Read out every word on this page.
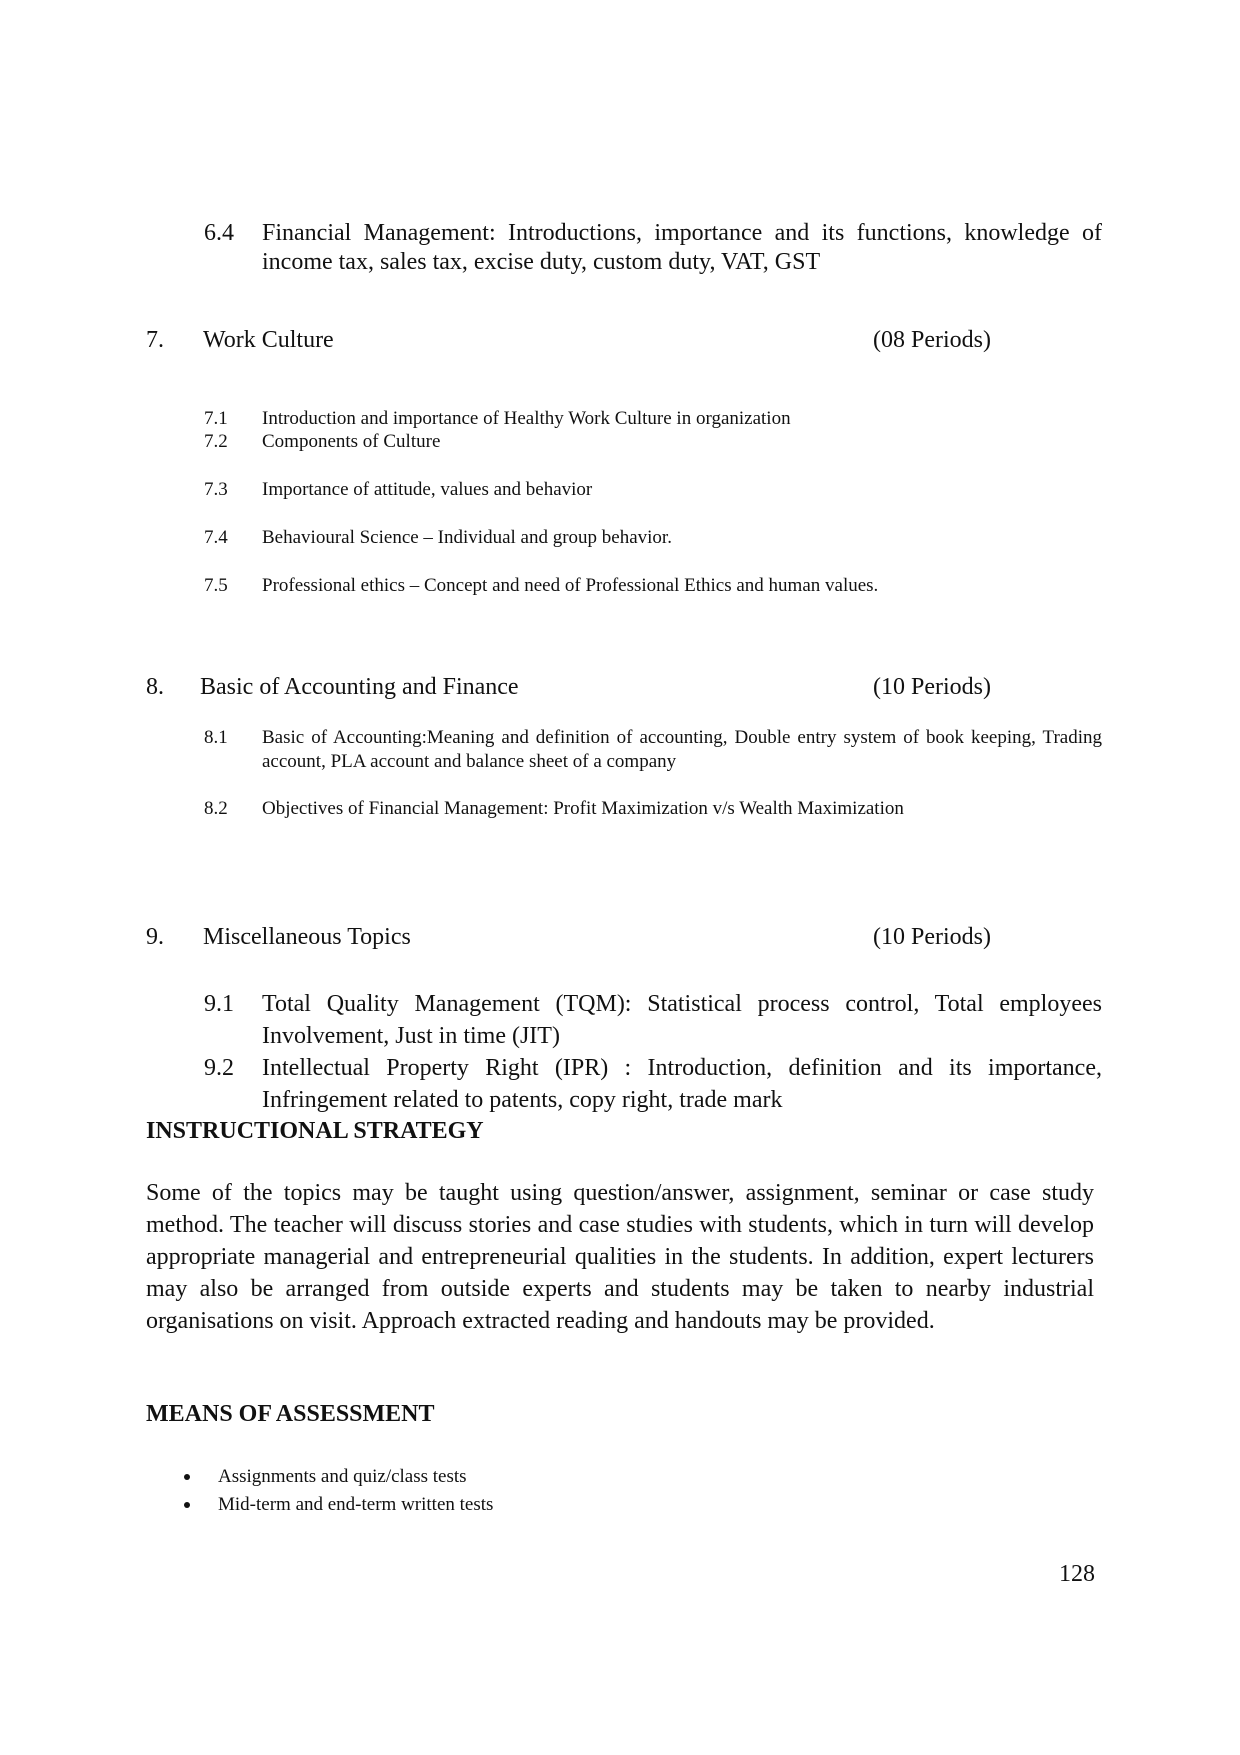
6.4 Financial Management: Introductions, importance and its functions, knowledge of income tax, sales tax, excise duty, custom duty, VAT, GST
7. Work Culture	(08 Periods)
7.1 Introduction and importance of Healthy Work Culture in organization
7.2 Components of Culture
7.3 Importance of attitude, values and behavior
7.4 Behavioural Science – Individual and group behavior.
7.5 Professional ethics – Concept and need of Professional Ethics and human values.
8. Basic of Accounting and Finance	(10 Periods)
8.1 Basic of Accounting:Meaning and definition of accounting, Double entry system of book keeping, Trading account, PLA account and balance sheet of a company
8.2 Objectives of Financial Management: Profit Maximization v/s Wealth Maximization
9. Miscellaneous Topics	(10 Periods)
9.1 Total Quality Management (TQM): Statistical process control, Total employees Involvement, Just in time (JIT)
9.2 Intellectual Property Right (IPR) : Introduction, definition and its importance, Infringement related to patents, copy right, trade mark
INSTRUCTIONAL STRATEGY
Some of the topics may be taught using question/answer, assignment, seminar or case study method. The teacher will discuss stories and case studies with students, which in turn will develop appropriate managerial and entrepreneurial qualities in the students. In addition, expert lecturers may also be arranged from outside experts and students may be taken to nearby industrial organisations on visit. Approach extracted reading and handouts may be provided.
MEANS OF ASSESSMENT
Assignments and quiz/class tests
Mid-term and end-term written tests
128
